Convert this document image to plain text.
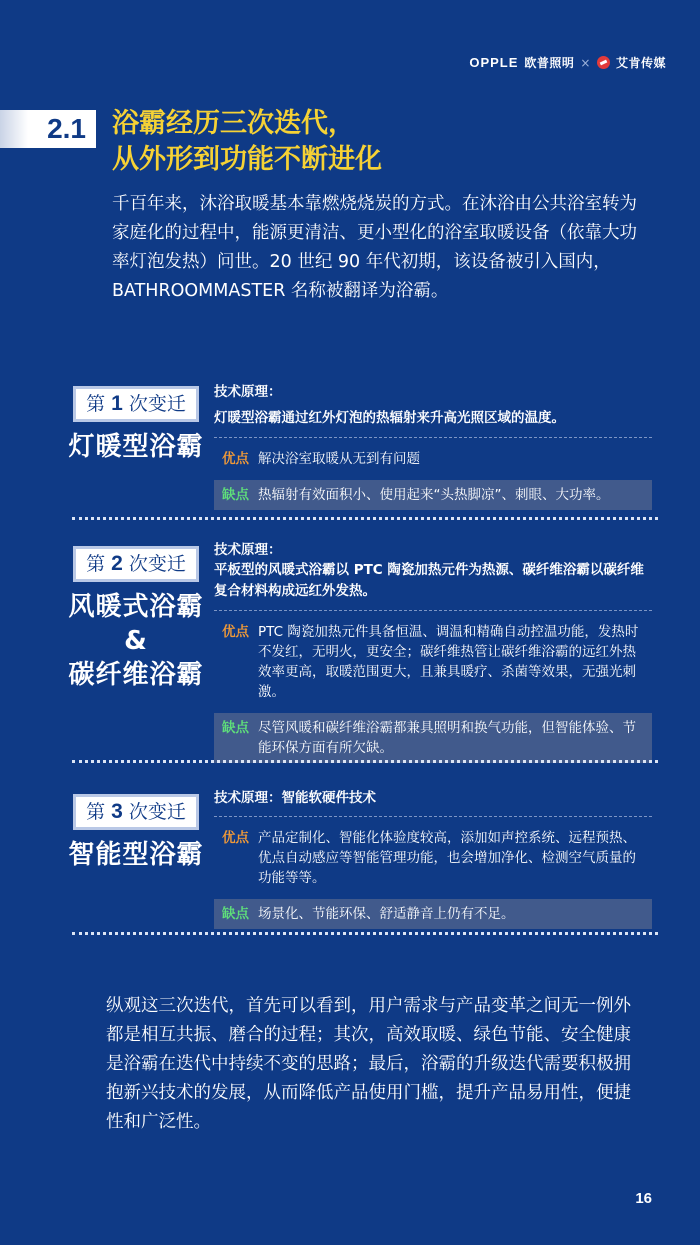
OPPLE 欧普照明 × 艾肯传媒
2.1 浴霸经历三次迭代，
从外形到功能不断进化
千百年来，沐浴取暖基本靠燃烧烧炭的方式。在沐浴由公共浴室转为家庭化的过程中，能源更清洁、更小型化的浴室取暖设备（依靠大功率灯泡发热）问世。20 世纪 90 年代初期，该设备被引入国内，BATHROOMMASTER 名称被翻译为浴霸。
第 1 次变迁
灯暖型浴霸
技术原理：
灯暖型浴霸通过红外灯泡的热辐射来升高光照区域的温度。
优点 解决浴室取暖从无到有问题
缺点 热辐射有效面积小、使用起来“头热脚凉”、刺眼、大功率。
第 2 次变迁
风暖式浴霸
&
碳纤维浴霸
技术原理：
平板型的风暖式浴霸以 PTC 陶瓷加热元件为热源、碳纤维浴霸以碳纤维复合材料构成远红外发热。
优点 PTC 陶瓷加热元件具备恒温、调温和精确自动控温功能，发热时不发红，无明火，更安全；碳纤维热管让碳纤维浴霸的远红外热效率更高，取暖范围更大，且兼具暖疗、杀菌等效果，无强光刺激。
缺点 尽管风暖和碳纤维浴霸都兼具照明和换气功能，但智能体验、节能环保方面有所欠缺。
第 3 次变迁
智能型浴霸
技术原理：智能软硬件技术
优点 产品定制化、智能化体验度较高，添加如声控系统、远程预热、优点自动感应等智能管理功能，也会增加净化、检测空气质量的功能等等。
缺点 场景化、节能环保、舒适静音上仍有不足。
纵观这三次迭代，首先可以看到，用户需求与产品变革之间无一例外都是相互共振、磨合的过程；其次，高效取暖、绿色节能、安全健康是浴霸在迭代中持续不变的思路；最后，浴霸的升级迭代需要积极拥抱新兴技术的发展，从而降低产品使用门槛，提升产品易用性，便捷性和广泛性。
16
